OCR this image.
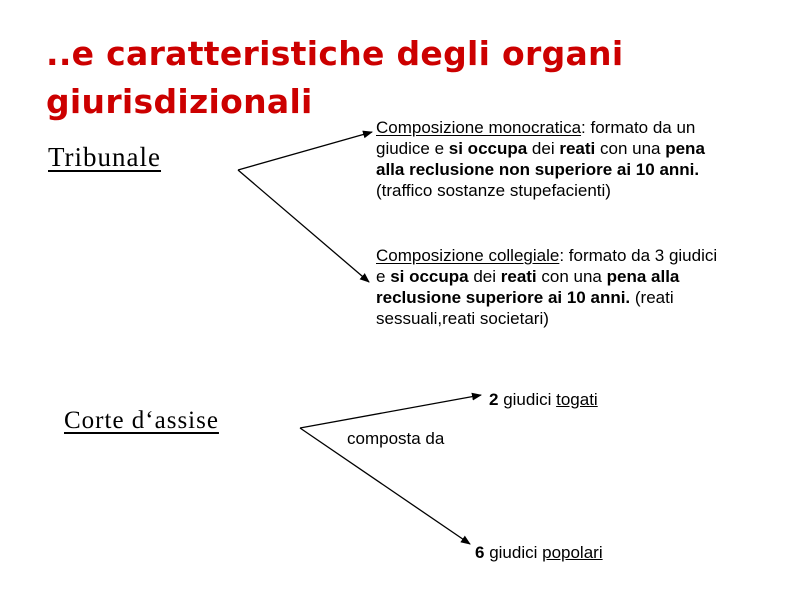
..e caratteristiche degli organi giurisdizionali

Tribunale

Composizione monocratica: formato da un giudice e si occupa dei reati con una pena alla reclusione non superiore ai 10 anni. (traffico sostanze stupefacienti)

Composizione collegiale: formato da 3 giudici e si occupa dei reati con una pena alla reclusione superiore ai 10 anni. (reati sessuali,reati societari)

Corte d‘assise

composta da

2 giudici togati

6 giudici popolari
